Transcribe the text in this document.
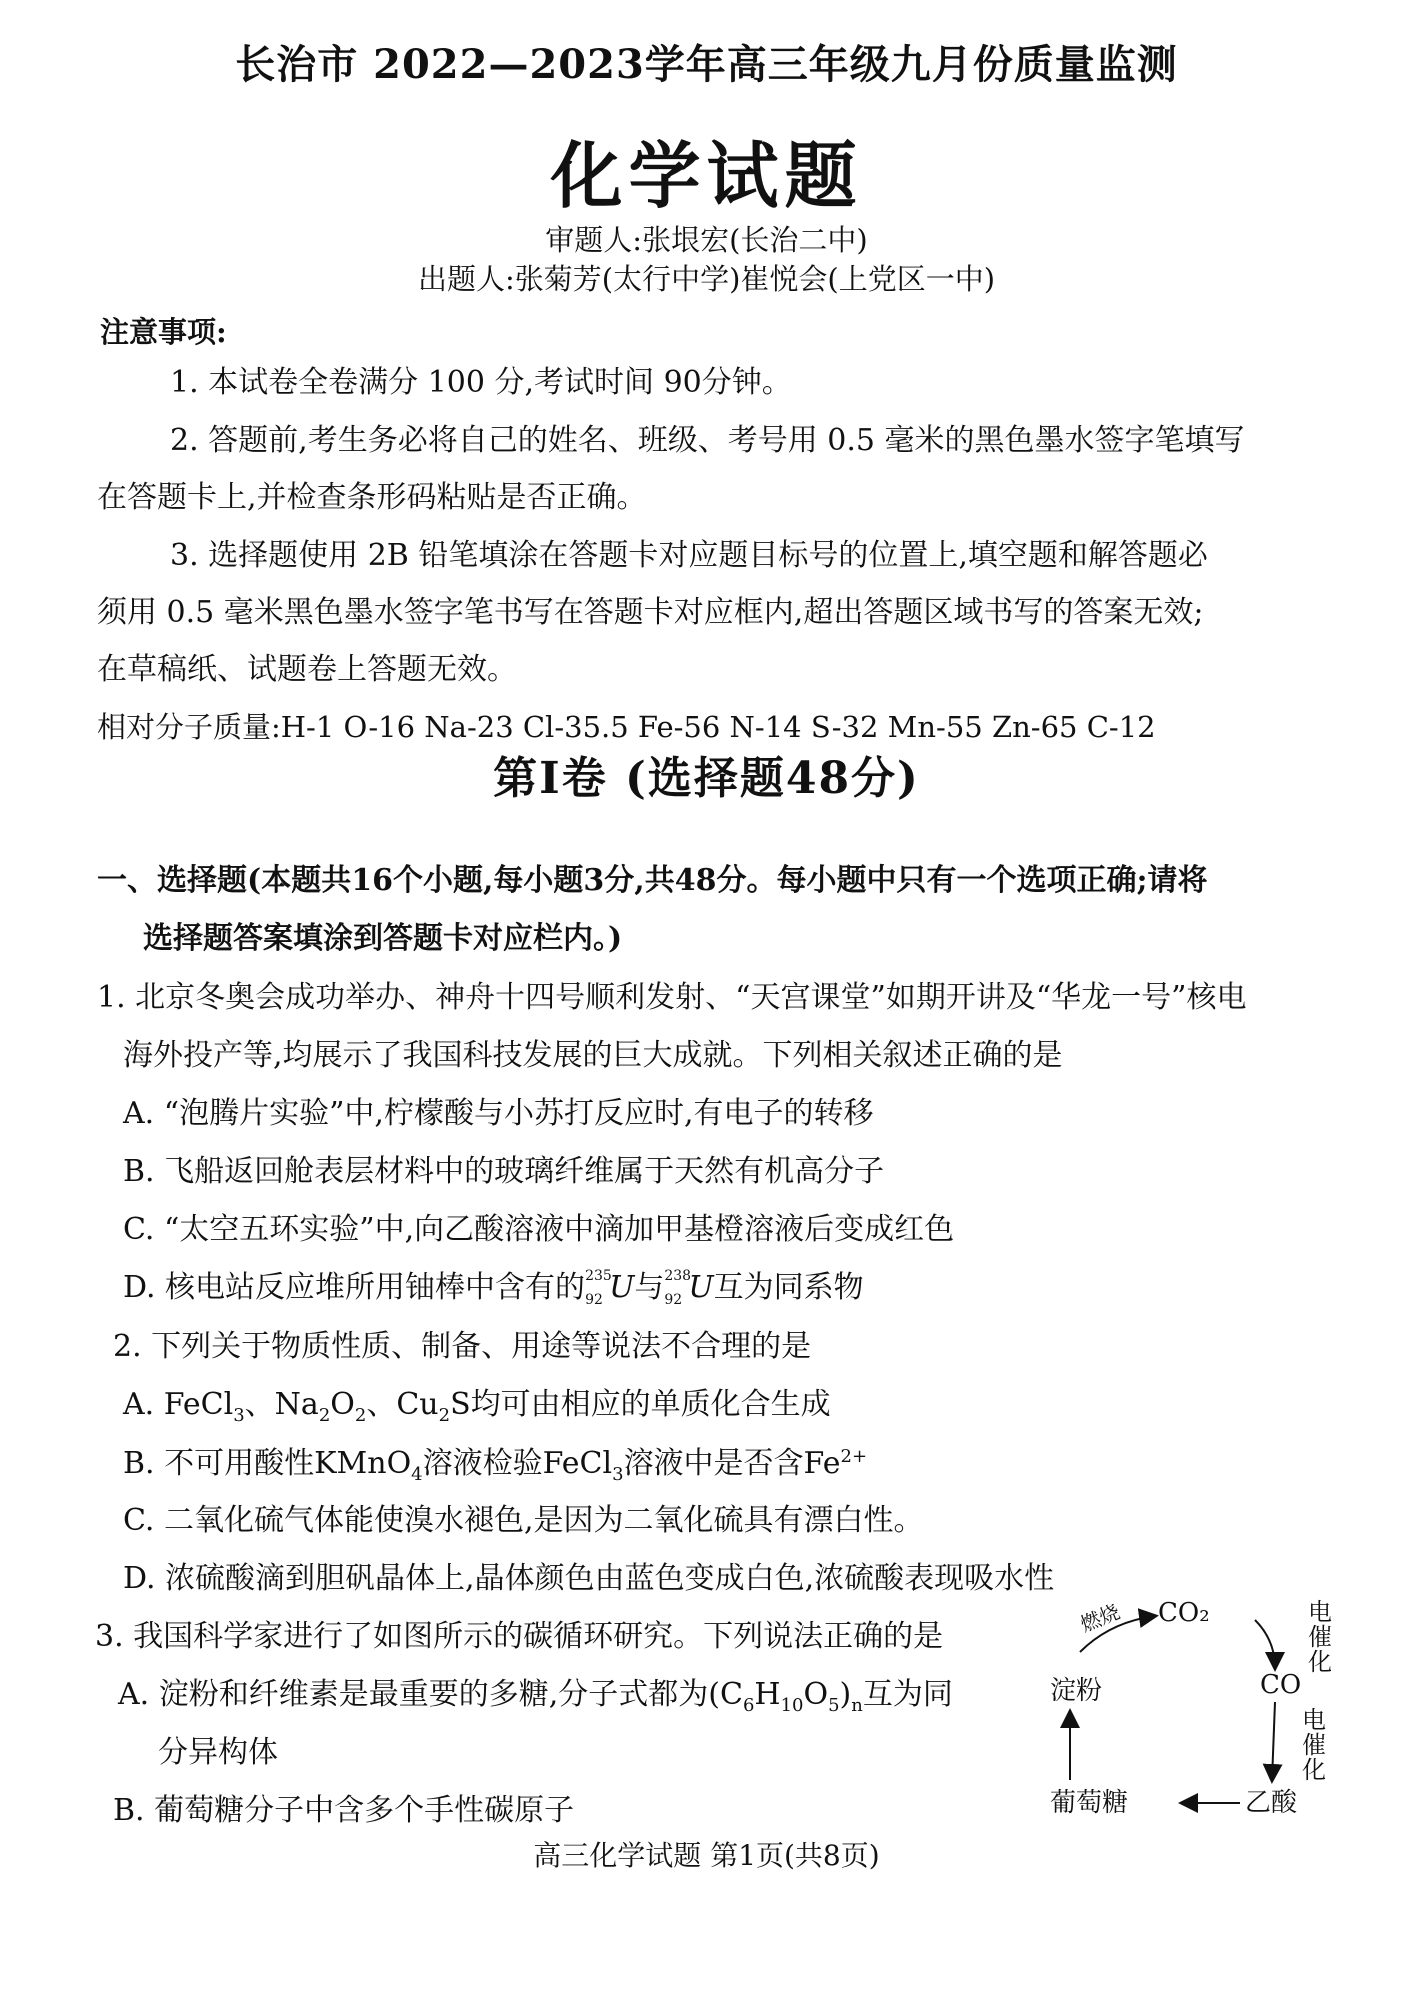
长治市 2022—2023学年高三年级九月份质量监测
化学试题
审题人:张垠宏(长治二中)
出题人:张菊芳(太行中学)崔悦会(上党区一中)
注意事项:
1. 本试卷全卷满分 100 分,考试时间 90分钟。
2. 答题前,考生务必将自己的姓名、班级、考号用 0.5 毫米的黑色墨水签字笔填写
在答题卡上,并检查条形码粘贴是否正确。
3. 选择题使用 2B 铅笔填涂在答题卡对应题目标号的位置上,填空题和解答题必
须用 0.5 毫米黑色墨水签字笔书写在答题卡对应框内,超出答题区域书写的答案无效;
在草稿纸、试题卷上答题无效。
相对分子质量:H-1 O-16 Na-23 Cl-35.5 Fe-56 N-14 S-32 Mn-55 Zn-65 C-12
第Ⅰ卷 (选择题48分)
一、选择题(本题共16个小题,每小题3分,共48分。每小题中只有一个选项正确;请将
选择题答案填涂到答题卡对应栏内。)
1. 北京冬奥会成功举办、神舟十四号顺利发射、“天宫课堂”如期开讲及“华龙一号”核电
海外投产等,均展示了我国科技发展的巨大成就。下列相关叙述正确的是
A. “泡腾片实验”中,柠檬酸与小苏打反应时,有电子的转移
B. 飞船返回舱表层材料中的玻璃纤维属于天然有机高分子
C. “太空五环实验”中,向乙酸溶液中滴加甲基橙溶液后变成红色
D. 核电站反应堆所用铀棒中含有的 235
92 U与 238
92 U互为同系物
2. 下列关于物质性质、制备、用途等说法不合理的是
A. FeCl$_3$、$Na_2O_2$、$Cu_2S$均可由相应的单质化合生成
B. 不可用酸性KMnO$_4$溶液检验FeCl$_3$溶液中是否含$Fe^{2+}$
C. 二氧化硫气体能使溴水褪色,是因为二氧化硫具有漂白性。
D. 浓硫酸滴到胆矾晶体上,晶体颜色由蓝色变成白色,浓硫酸表现吸水性
3. 我国科学家进行了如图所示的碳循环研究。下列说法正确的是
A. 淀粉和纤维素是最重要的多糖,分子式都为$(C_6H_{10}O_5)_n$互为同
分异构体
B. 葡萄糖分子中含多个手性碳原子
CO₂
CO
乙酸
葡萄糖
淀粉
电催化
电催化
燃烧
高三化学试题 第1页(共8页)
